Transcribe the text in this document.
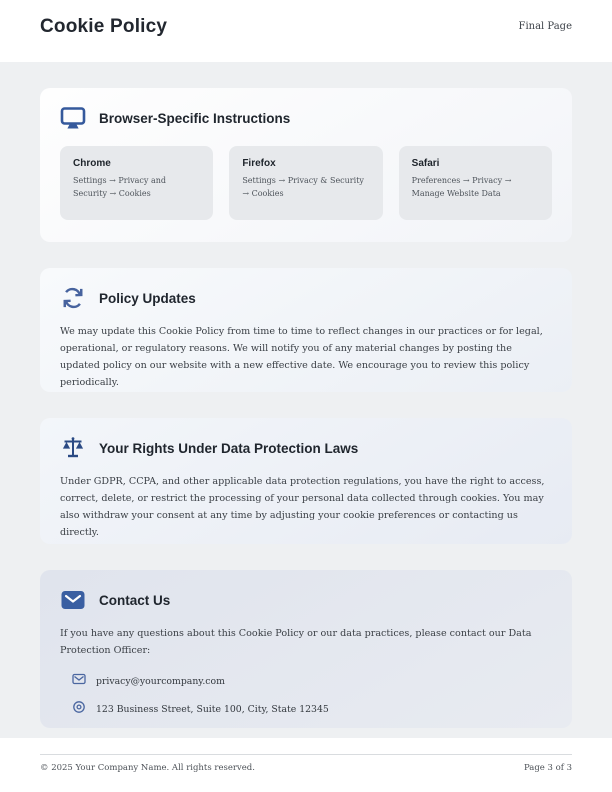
Cookie Policy	Final Page
Browser-Specific Instructions
Chrome
Settings → Privacy and Security → Cookies
Firefox
Settings → Privacy & Security → Cookies
Safari
Preferences → Privacy → Manage Website Data
Policy Updates
We may update this Cookie Policy from time to time to reflect changes in our practices or for legal, operational, or regulatory reasons. We will notify you of any material changes by posting the updated policy on our website with a new effective date. We encourage you to review this policy periodically.
Your Rights Under Data Protection Laws
Under GDPR, CCPA, and other applicable data protection regulations, you have the right to access, correct, delete, or restrict the processing of your personal data collected through cookies. You may also withdraw your consent at any time by adjusting your cookie preferences or contacting us directly.
Contact Us
If you have any questions about this Cookie Policy or our data practices, please contact our Data Protection Officer:
privacy@yourcompany.com
123 Business Street, Suite 100, City, State 12345
© 2025 Your Company Name. All rights reserved.	Page 3 of 3
